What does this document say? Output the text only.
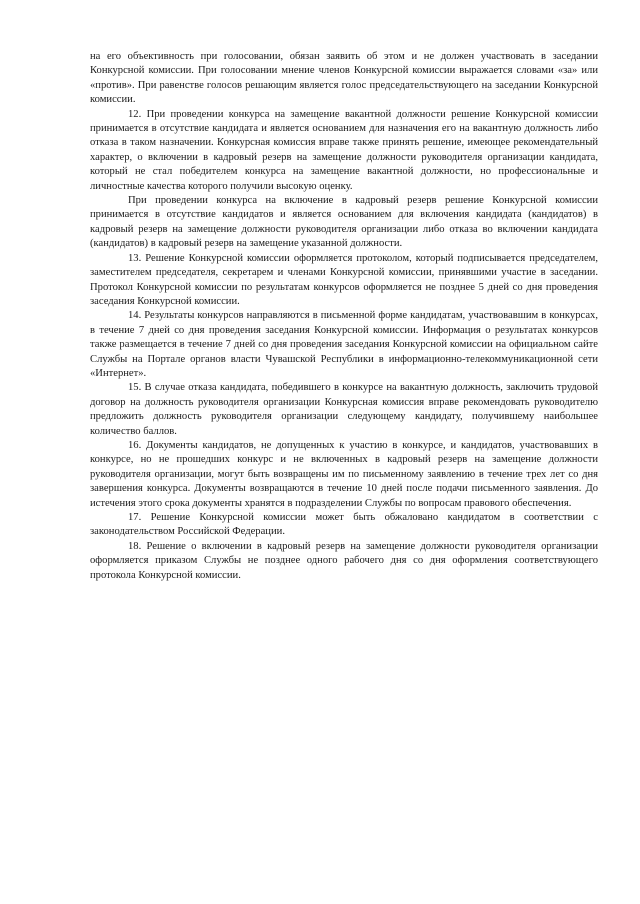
на его объективность при голосовании, обязан заявить об этом и не должен участвовать в заседании Конкурсной комиссии. При голосовании мнение членов Конкурсной комиссии выражается словами «за» или «против». При равенстве голосов решающим является голос председательствующего на заседании Конкурсной комиссии.

12. При проведении конкурса на замещение вакантной должности решение Конкурсной комиссии принимается в отсутствие кандидата и является основанием для назначения его на вакантную должность либо отказа в таком назначении. Конкурсная комиссия вправе также принять решение, имеющее рекомендательный характер, о включении в кадровый резерв на замещение должности руководителя организации кандидата, который не стал победителем конкурса на замещение вакантной должности, но профессиональные и личностные качества которого получили высокую оценку.

При проведении конкурса на включение в кадровый резерв решение Конкурсной комиссии принимается в отсутствие кандидатов и является основанием для включения кандидата (кандидатов) в кадровый резерв на замещение должности руководителя организации либо отказа во включении кандидата (кандидатов) в кадровый резерв на замещение указанной должности.

13. Решение Конкурсной комиссии оформляется протоколом, который подписывается председателем, заместителем председателя, секретарем и членами Конкурсной комиссии, принявшими участие в заседании. Протокол Конкурсной комиссии по результатам конкурсов оформляется не позднее 5 дней со дня проведения заседания Конкурсной комиссии.

14. Результаты конкурсов направляются в письменной форме кандидатам, участвовавшим в конкурсах, в течение 7 дней со дня проведения заседания Конкурсной комиссии. Информация о результатах конкурсов также размещается в течение 7 дней со дня проведения заседания Конкурсной комиссии на официальном сайте Службы на Портале органов власти Чувашской Республики в информационно-телекоммуникационной сети «Интернет».

15. В случае отказа кандидата, победившего в конкурсе на вакантную должность, заключить трудовой договор на должность руководителя организации Конкурсная комиссия вправе рекомендовать руководителю предложить должность руководителя организации следующему кандидату, получившему наибольшее количество баллов.

16. Документы кандидатов, не допущенных к участию в конкурсе, и кандидатов, участвовавших в конкурсе, но не прошедших конкурс и не включенных в кадровый резерв на замещение должности руководителя организации, могут быть возвращены им по письменному заявлению в течение трех лет со дня завершения конкурса. Документы возвращаются в течение 10 дней после подачи письменного заявления. До истечения этого срока документы хранятся в подразделении Службы по вопросам правового обеспечения.

17. Решение Конкурсной комиссии может быть обжаловано кандидатом в соответствии с законодательством Российской Федерации.

18. Решение о включении в кадровый резерв на замещение должности руководителя организации оформляется приказом Службы не позднее одного рабочего дня со дня оформления соответствующего протокола Конкурсной комиссии.
